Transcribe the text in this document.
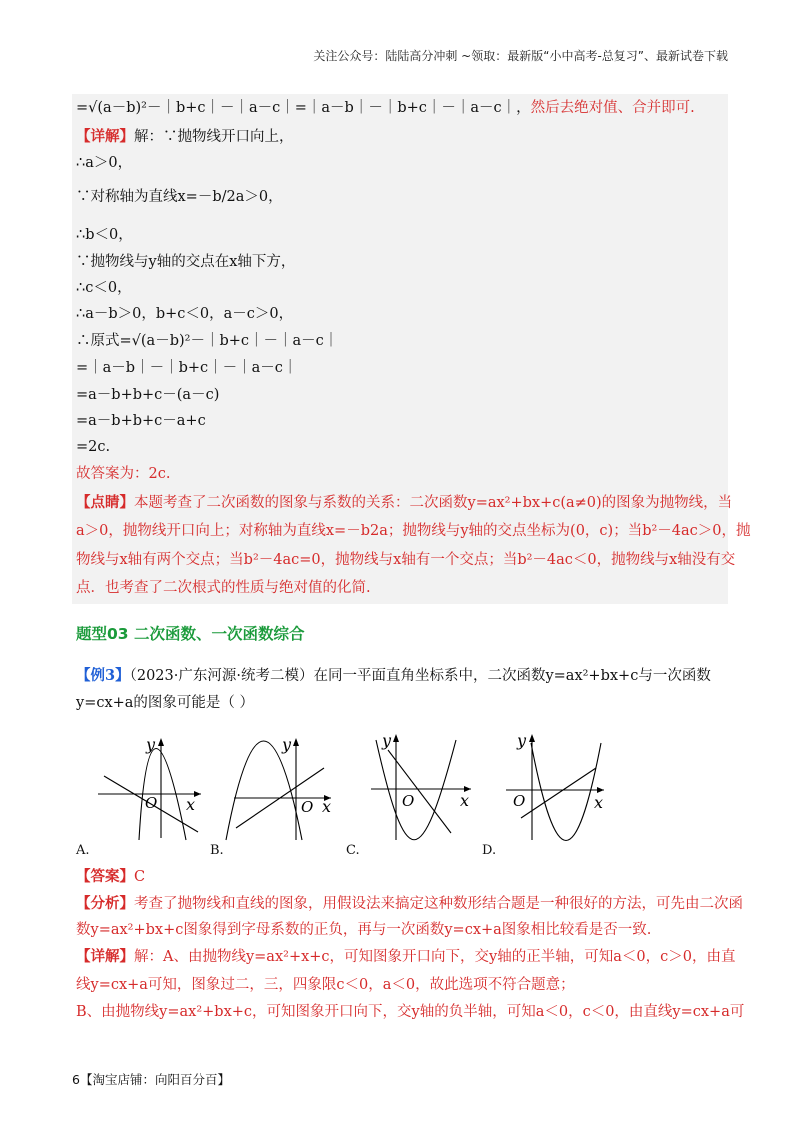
关注公众号：陆陆高分冲刺 ~领取：最新版“小中高考-总复习”、最新试卷下载
=√(a－b)²－｜b+c｜－｜a－c｜=｜a－b｜－｜b+c｜－｜a－c｜，然后去绝对值、合并即可.
【详解】解：∵抛物线开口向上，
∴a＞0，
∵对称轴为直线x=－b/2a＞0，
∴b＜0，
∵抛物线与y轴的交点在x轴下方，
∴c＜0，
∴a－b＞0，b+c＜0，a－c＞0，
∴原式=√(a－b)²－｜b+c｜－｜a－c｜
=｜a－b｜－｜b+c｜－｜a－c｜
=a－b+b+c－(a－c)
=a－b+b+c－a+c
=2c.
故答案为：2c.
【点睛】本题考查了二次函数的图象与系数的关系：二次函数y=ax²+bx+c(a≠0)的图象为抛物线，当
a＞0，抛物线开口向上；对称轴为直线x=－b2a；抛物线与y轴的交点坐标为(0，c)；当b²－4ac＞0，抛
物线与x轴有两个交点；当b²－4ac=0，抛物线与x轴有一个交点；当b²－4ac＜0，抛物线与x轴没有交
点．也考查了二次根式的性质与绝对值的化简.
题型03 二次函数、一次函数综合
【例3】（2023·广东河源·统考二模）在同一平面直角坐标系中，二次函数y=ax²+bx+c与一次函数
y=cx+a的图象可能是（ ）
y
O x
y
O x
y
O	x
y
O	x
A.	B.	C.	D.
【答案】C
【分析】考查了抛物线和直线的图象，用假设法来搞定这种数形结合题是一种很好的方法，可先由二次函
数y=ax²+bx+c图象得到字母系数的正负，再与一次函数y=cx+a图象相比较看是否一致.
【详解】解：A、由抛物线y=ax²+x+c，可知图象开口向下，交y轴的正半轴，可知a＜0，c＞0，由直
线y=cx+a可知，图象过二，三，四象限c＜0，a＜0，故此选项不符合题意；
B、由抛物线y=ax²+bx+c，可知图象开口向下，交y轴的负半轴，可知a＜0，c＜0，由直线y=cx+a可
6【淘宝店铺：向阳百分百】
